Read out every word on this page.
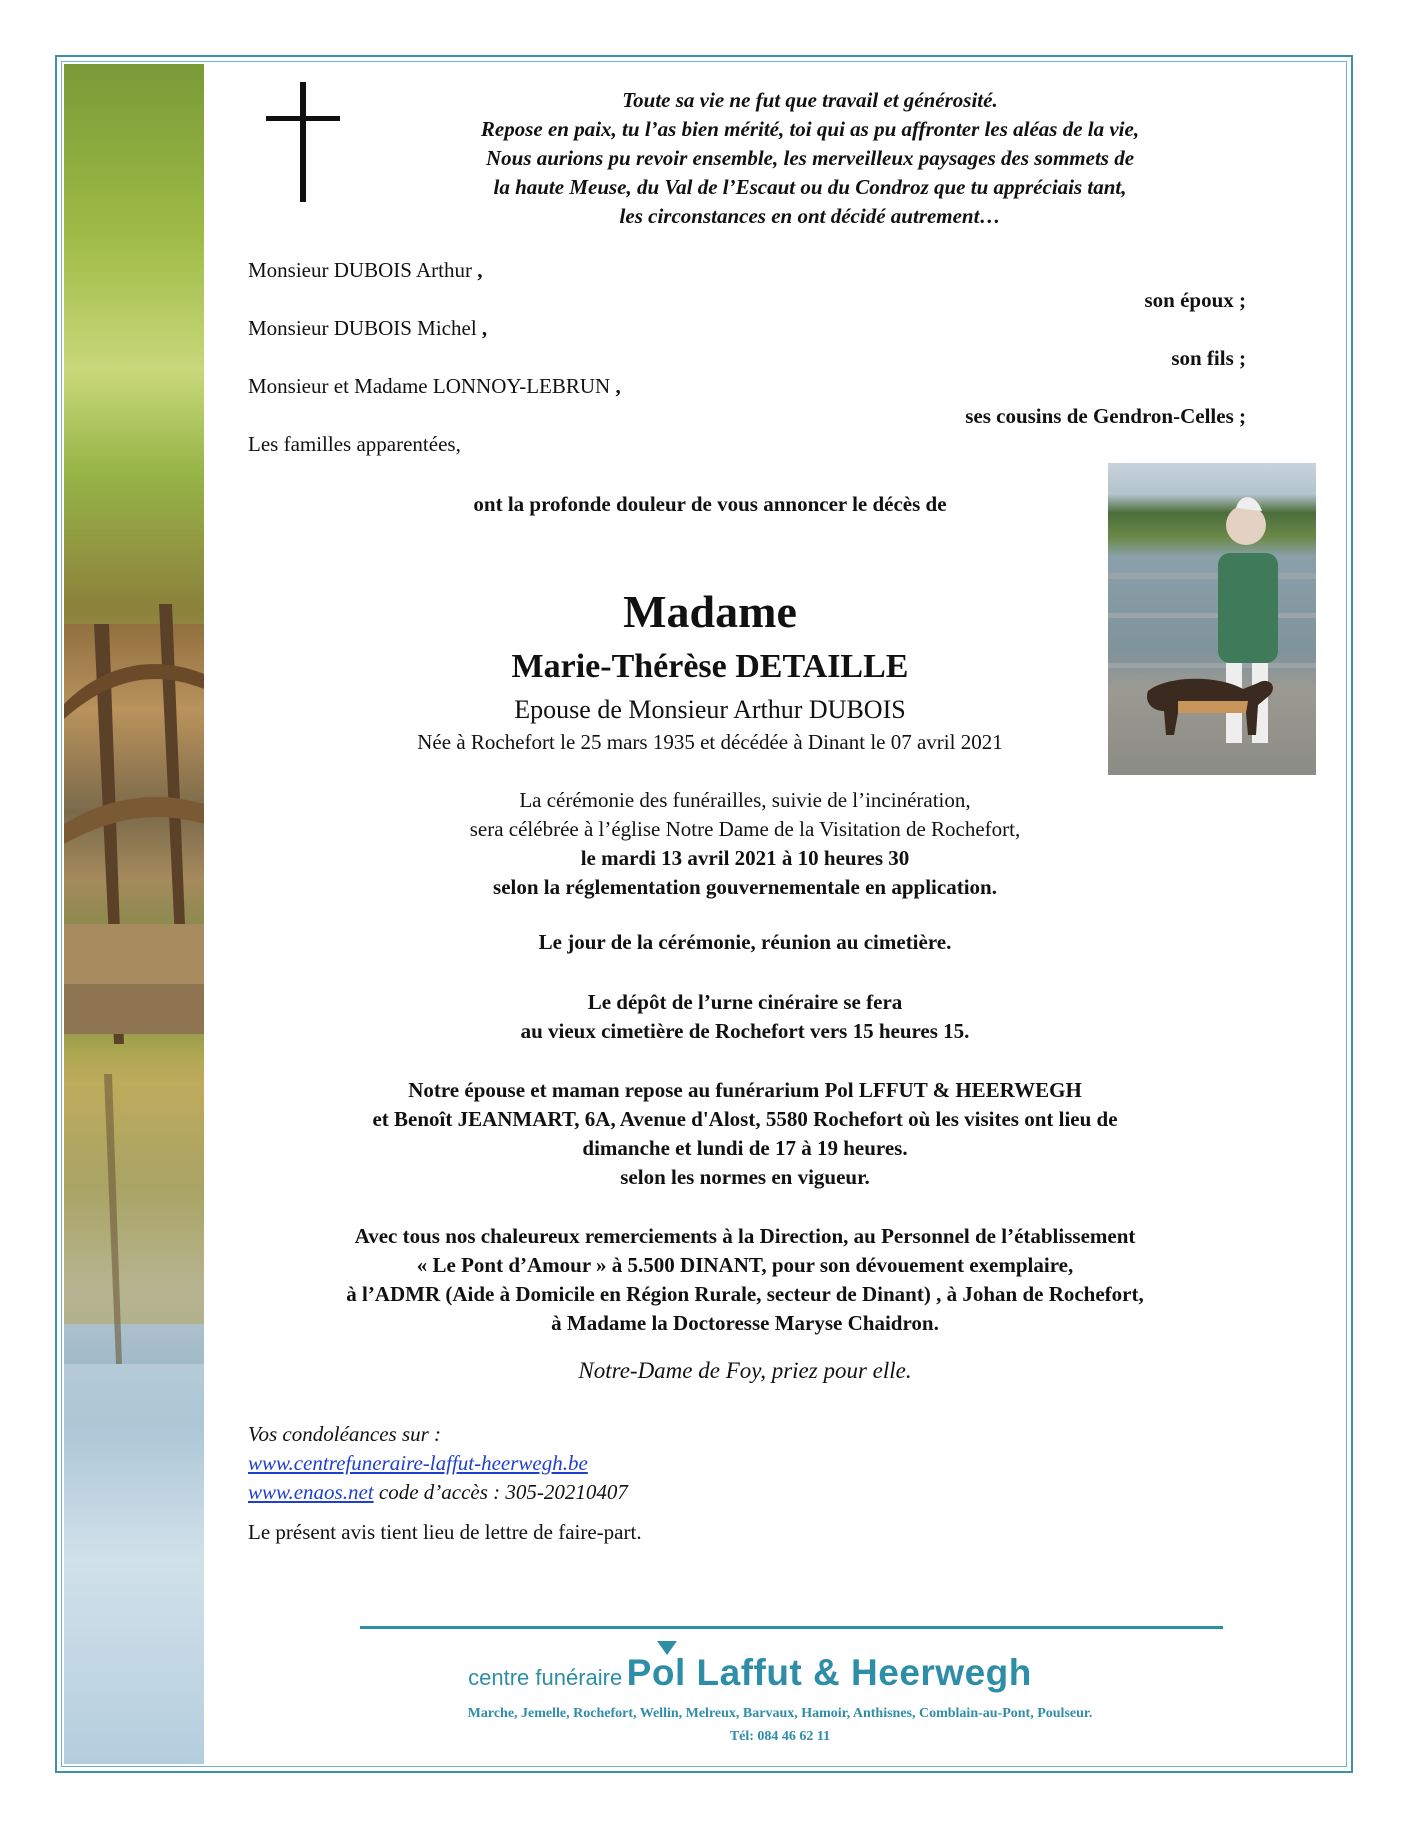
Toute sa vie ne fut que travail et générosité.
Repose en paix, tu l’as bien mérité, toi qui as pu affronter les aléas de la vie,
Nous aurions pu revoir ensemble, les merveilleux paysages des sommets de
la haute Meuse, du Val de l’Escaut ou du Condroz que tu appréciais tant,
les circonstances en ont décidé autrement…
Monsieur DUBOIS Arthur ,
son époux ;
Monsieur DUBOIS Michel ,
son fils ;
Monsieur et Madame LONNOY-LEBRUN ,
ses cousins de Gendron-Celles ;
Les familles apparentées,
ont la profonde douleur de vous annoncer le décès de
Madame
Marie-Thérèse DETAILLE
Epouse de Monsieur Arthur DUBOIS
Née à Rochefort le 25 mars 1935 et décédée à Dinant le 07 avril 2021
La cérémonie des funérailles, suivie de l’incinération,
sera célébrée à l’église Notre Dame de la Visitation de Rochefort,
le mardi 13 avril 2021 à 10 heures 30
selon la réglementation gouvernementale en application.
Le jour de la cérémonie, réunion au cimetière.
Le dépôt de l’urne cinéraire se fera
au vieux cimetière de Rochefort vers 15 heures 15.
Notre épouse et maman repose au funérarium Pol LFFUT & HEERWEGH
et Benoît JEANMART, 6A, Avenue d'Alost, 5580 Rochefort où les visites ont lieu de
dimanche et lundi de 17 à 19 heures.
selon les normes en vigueur.
Avec tous nos chaleureux remerciements à la Direction, au Personnel de l’établissement
« Le Pont d’Amour » à 5.500 DINANT, pour son dévouement exemplaire,
à l’ADMR (Aide à Domicile en Région Rurale, secteur de Dinant) , à Johan de Rochefort,
à Madame la Doctoresse Maryse Chaidron.
Notre-Dame de Foy, priez pour elle.
Vos condoléances sur :
www.centrefuneraire-laffut-heerwegh.be
www.enaos.net code d’accès : 305-20210407
Le présent avis tient lieu de lettre de faire-part.
centre funéraire Pol Laffut & Heerwegh
Marche, Jemelle, Rochefort, Wellin, Melreux, Barvaux, Hamoir, Anthisnes, Comblain-au-Pont, Poulseur.
Tél: 084 46 62 11
